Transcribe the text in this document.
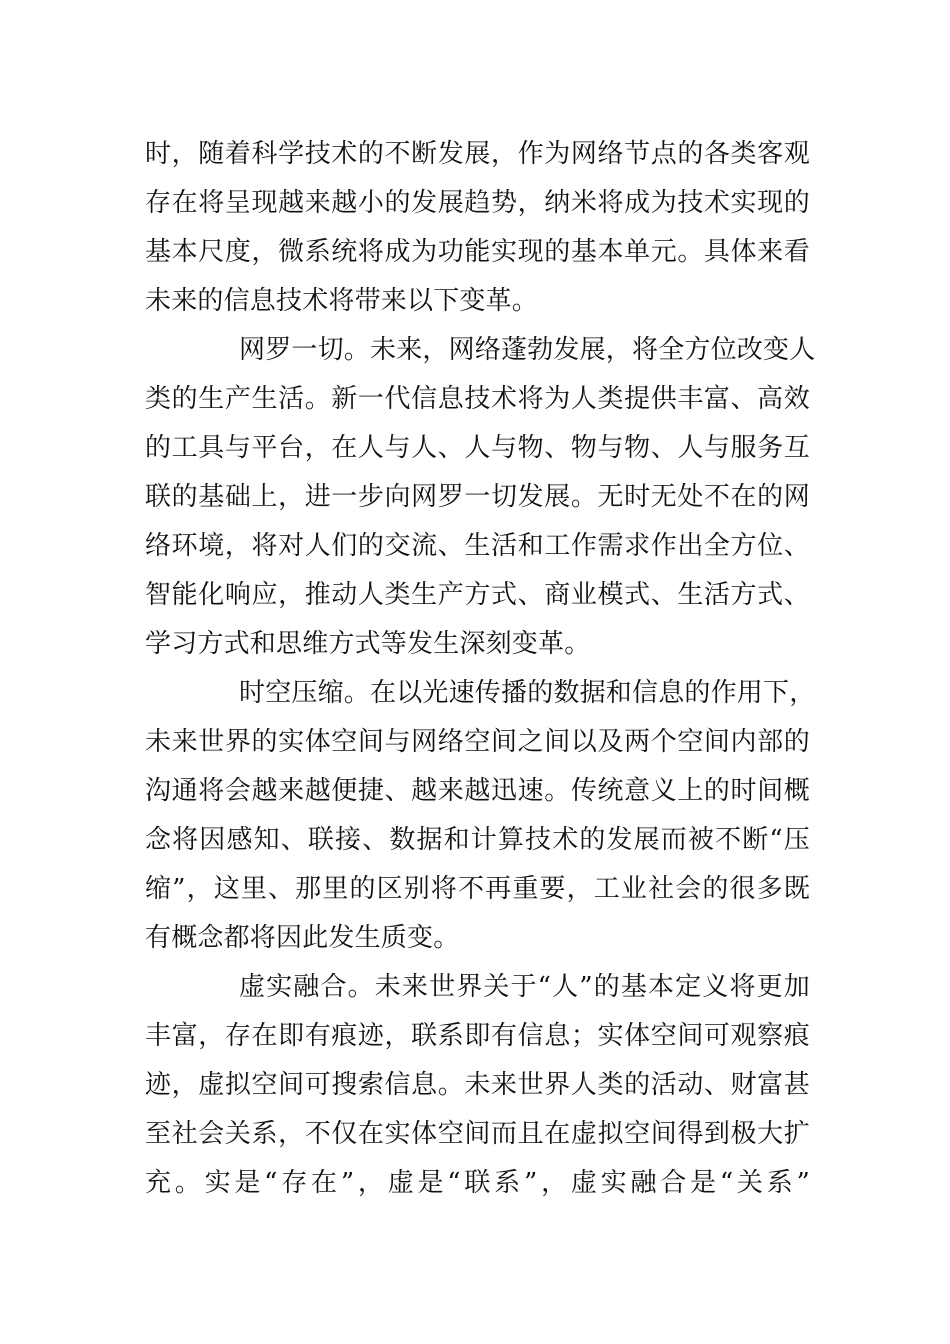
时，随着科学技术的不断发展，作为网络节点的各类客观
存在将呈现越来越小的发展趋势，纳米将成为技术实现的
基本尺度，微系统将成为功能实现的基本单元。具体来看
未来的信息技术将带来以下变革。
网罗一切。未来，网络蓬勃发展，将全方位改变人
类的生产生活。新一代信息技术将为人类提供丰富、高效
的工具与平台，在人与人、人与物、物与物、人与服务互
联的基础上，进一步向网罗一切发展。无时无处不在的网
络环境，将对人们的交流、生活和工作需求作出全方位、
智能化响应，推动人类生产方式、商业模式、生活方式、
学习方式和思维方式等发生深刻变革。
时空压缩。在以光速传播的数据和信息的作用下，
未来世界的实体空间与网络空间之间以及两个空间内部的
沟通将会越来越便捷、越来越迅速。传统意义上的时间概
念将因感知、联接、数据和计算技术的发展而被不断“压
缩”，这里、那里的区别将不再重要，工业社会的很多既
有概念都将因此发生质变。
虚实融合。未来世界关于“人”的基本定义将更加
丰富，存在即有痕迹，联系即有信息；实体空间可观察痕
迹，虚拟空间可搜索信息。未来世界人类的活动、财富甚
至社会关系，不仅在实体空间而且在虚拟空间得到极大扩
充。实是“存在”，虚是“联系”，虚实融合是“关系”
